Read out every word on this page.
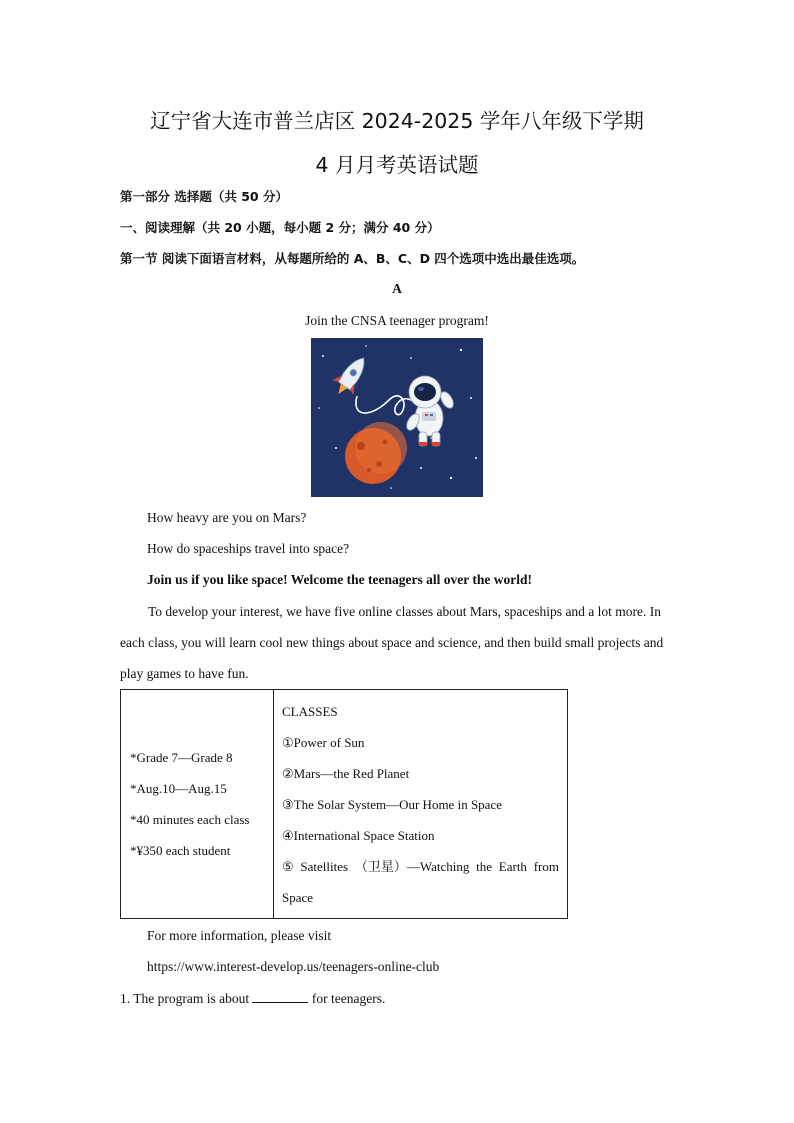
辽宁省大连市普兰店区 2024-2025 学年八年级下学期
4 月月考英语试题
第一部分 选择题（共 50 分）
一、阅读理解（共 20 小题，每小题 2 分；满分 40 分）
第一节 阅读下面语言材料，从每题所给的 A、B、C、D 四个选项中选出最佳选项。
A
Join the CNSA teenager program!
How heavy are you on Mars?
How do spaceships travel into space?
Join us if you like space! Welcome the teenagers all over the world!
To develop your interest, we have five online classes about Mars, spaceships and a lot more. In each class, you will learn cool new things about space and science, and then build small projects and play games to have fun.
*Grade 7—Grade 8
*Aug.10—Aug.15
*40 minutes each class
*¥350 each student

CLASSES
①Power of Sun
②Mars—the Red Planet
③The Solar System—Our Home in Space
④International Space Station
⑤ Satellites （卫星）—Watching the Earth from
Space
For more information, please visit
https://www.interest-develop.us/teenagers-online-club
1. The program is about	for teenagers.
